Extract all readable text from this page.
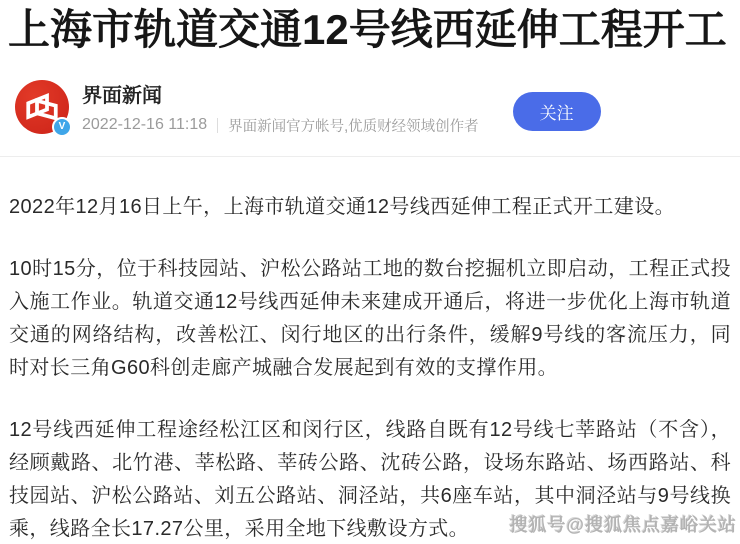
上海市轨道交通12号线西延伸工程开工
V
界面新闻
2022-12-16 11:18 界面新闻官方帐号,优质财经领域创作者
关注

2022年12月16日上午，上海市轨道交通12号线西延伸工程正式开工建设。

10时15分，位于科技园站、沪松公路站工地的数台挖掘机立即启动，工程正式投入施工作业。轨道交通12号线西延伸未来建成开通后，将进一步优化上海市轨道交通的网络结构，改善松江、闵行地区的出行条件，缓解9号线的客流压力，同时对长三角G60科创走廊产城融合发展起到有效的支撑作用。

12号线西延伸工程途经松江区和闵行区，线路自既有12号线七莘路站（不含），经顾戴路、北竹港、莘松路、莘砖公路、沈砖公路，设场东路站、场西路站、科技园站、沪松公路站、刘五公路站、洞泾站，共6座车站，其中洞泾站与9号线换乘，线路全长17.27公里，采用全地下线敷设方式。	搜狐号@搜狐焦点嘉峪关站
